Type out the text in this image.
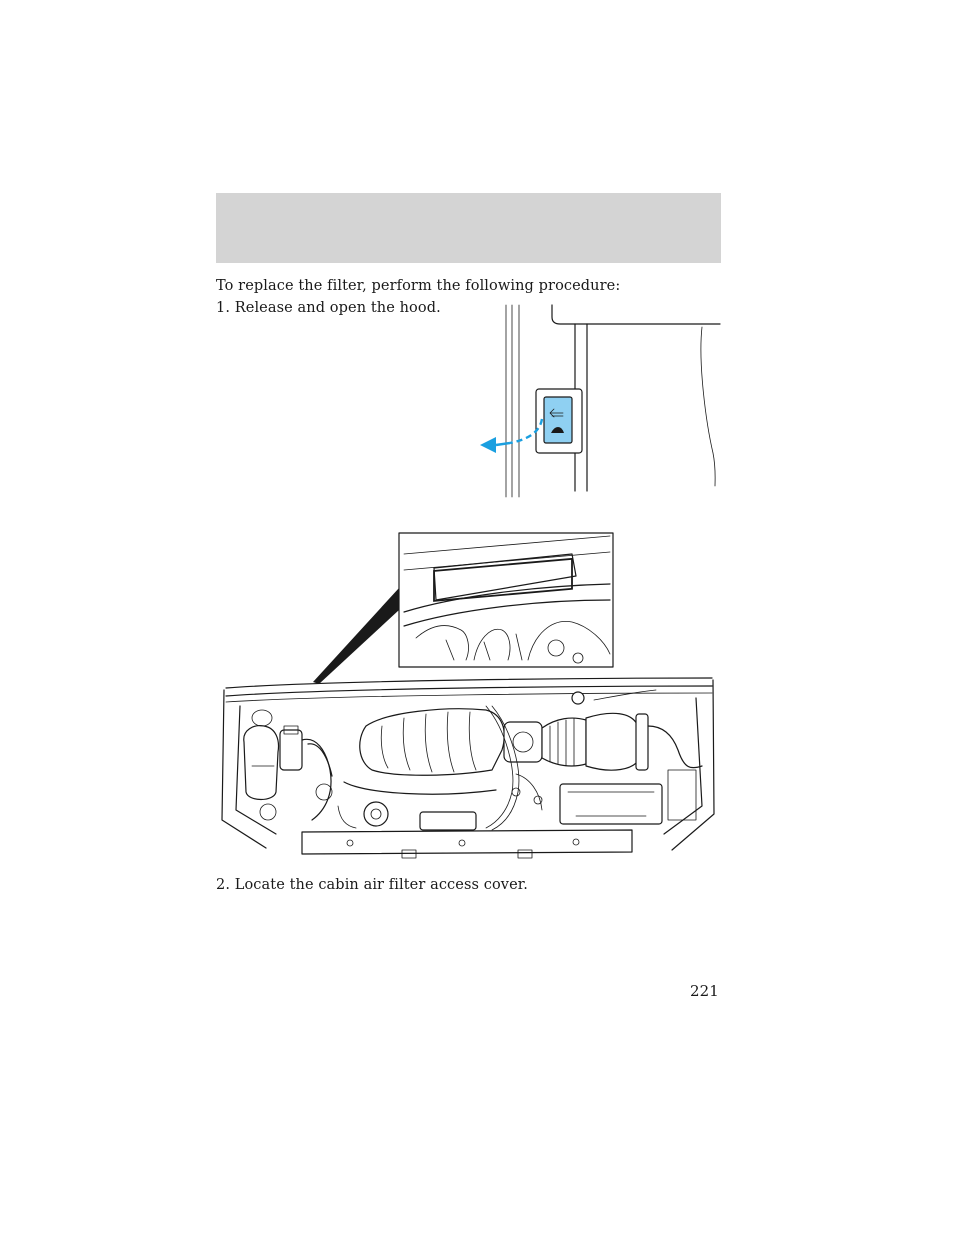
To replace the filter, perform the following procedure:
1. Release and open the hood.
2. Locate the cabin air filter access cover.
221
